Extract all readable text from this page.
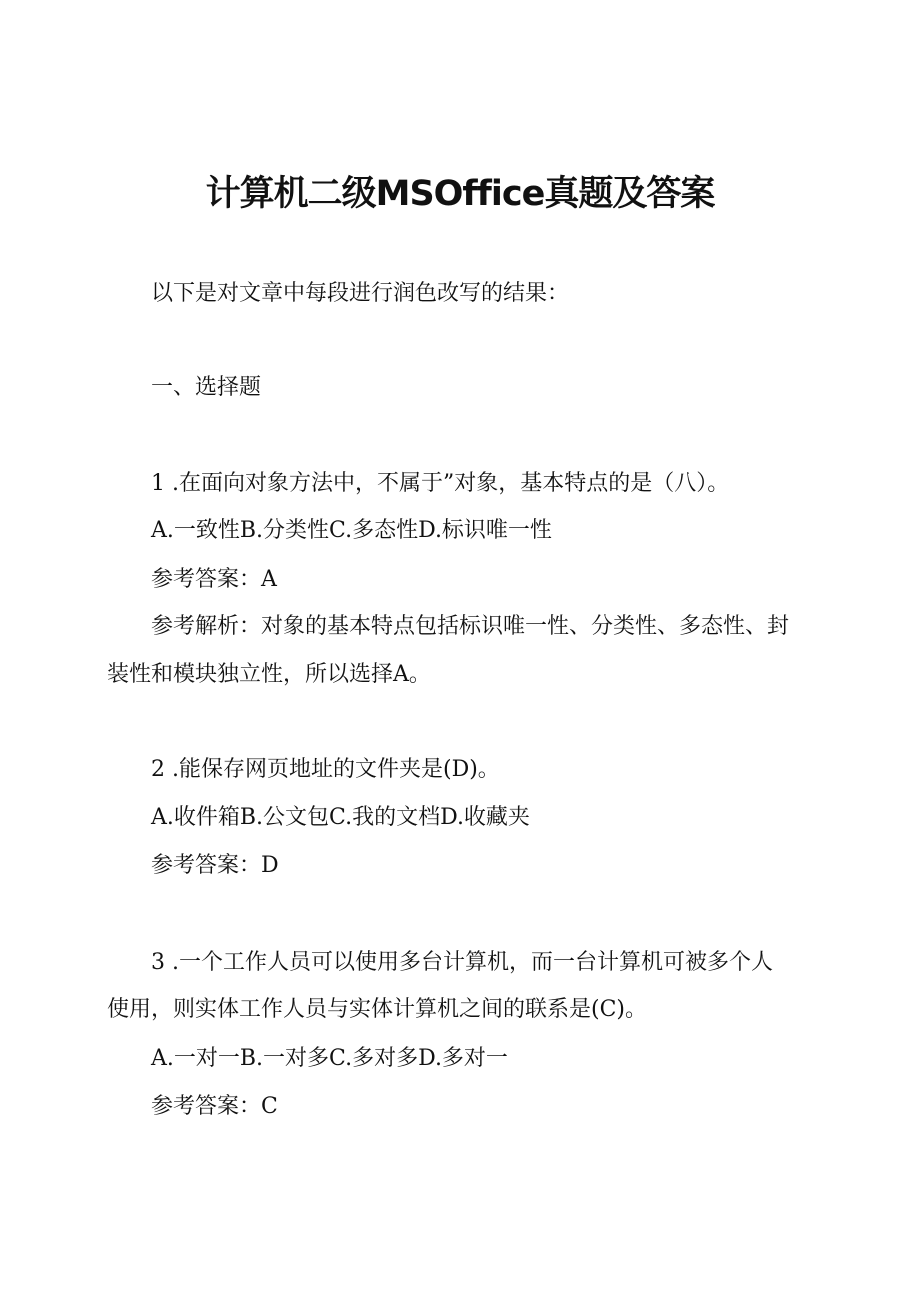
计算机二级MSOffice真题及答案
以下是对文章中每段进行润色改写的结果：
一、选择题
1 .在面向对象方法中，不属于”对象，基本特点的是（八）。
A.一致性B.分类性C.多态性D.标识唯一性
参考答案：A
参考解析：对象的基本特点包括标识唯一性、分类性、多态性、封
装性和模块独立性，所以选择A。
2 .能保存网页地址的文件夹是(D)。
A.收件箱B.公文包C.我的文档D.收藏夹
参考答案：D
3 .一个工作人员可以使用多台计算机，而一台计算机可被多个人
使用，则实体工作人员与实体计算机之间的联系是(C)。
A.一对一B.一对多C.多对多D.多对一
参考答案：C
